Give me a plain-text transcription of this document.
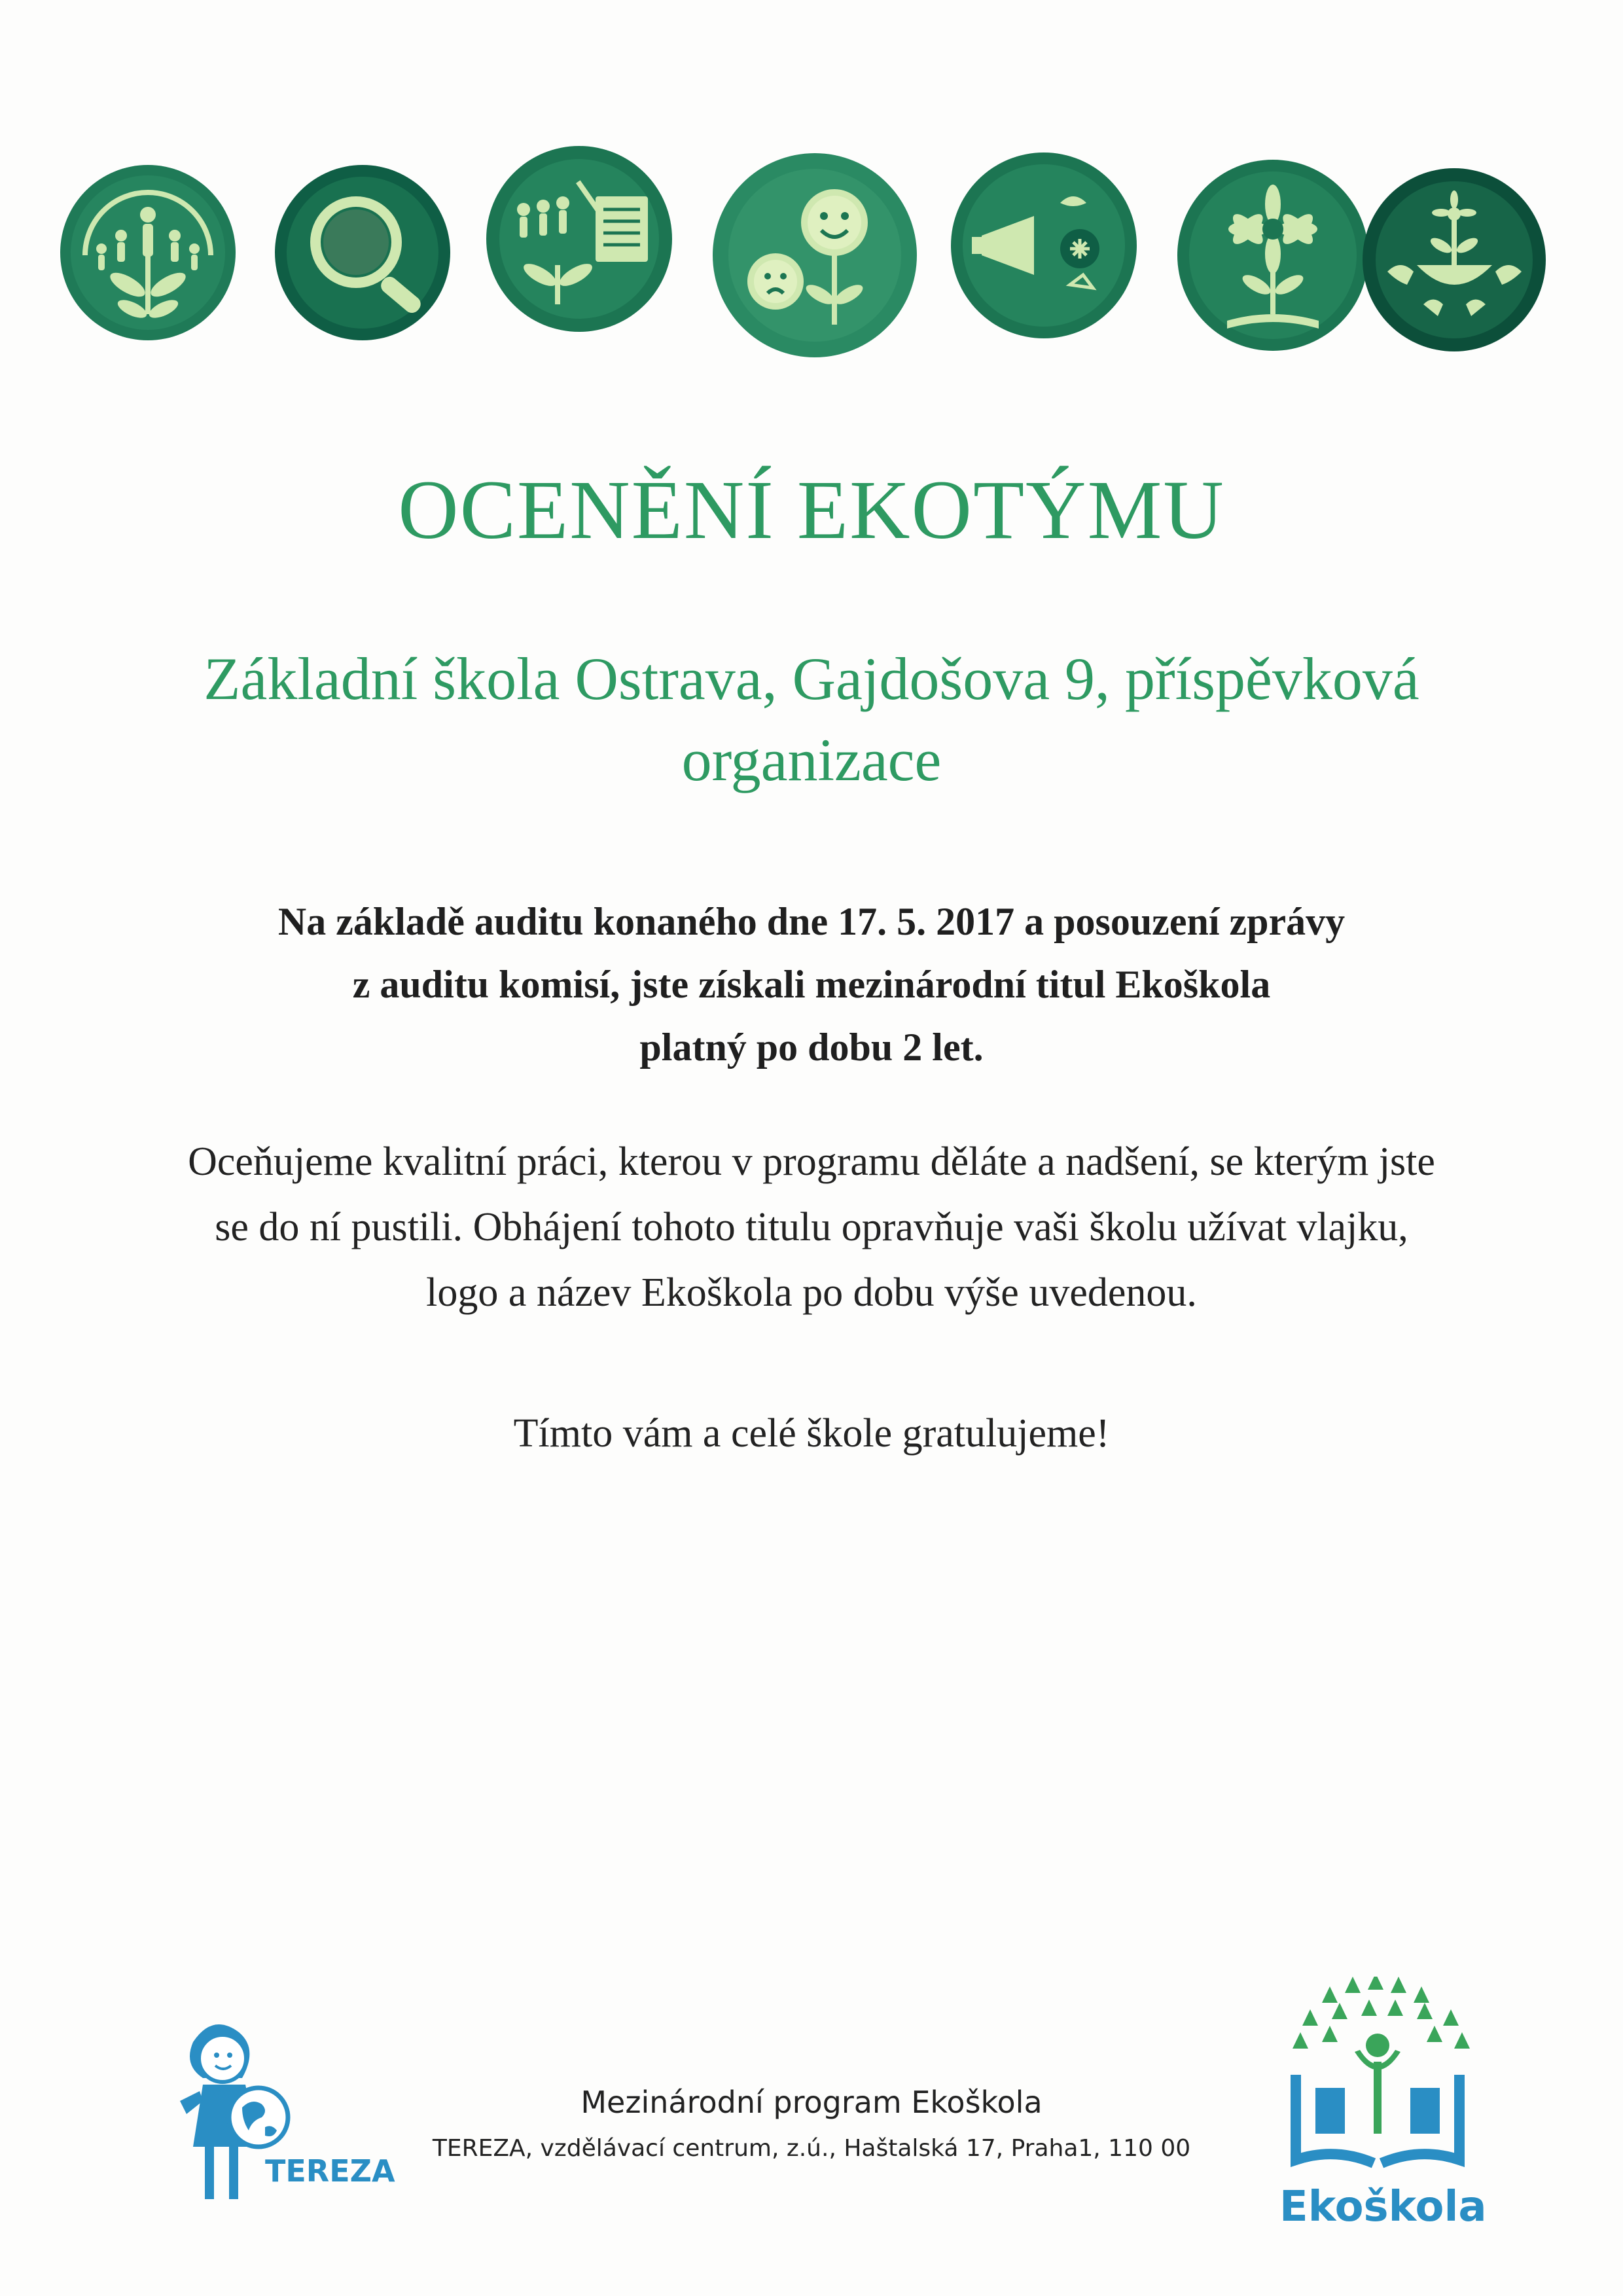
OCENĚNÍ EKOTÝMU
Základní škola Ostrava, Gajdošova 9, příspěvková
organizace
Na základě auditu konaného dne 17. 5. 2017 a posouzení zprávy
z auditu komisí, jste získali mezinárodní titul Ekoškola
platný po dobu 2 let.
Oceňujeme kvalitní práci, kterou v programu děláte a nadšení, se kterým jste
se do ní pustili. Obhájení tohoto titulu opravňuje vaši školu užívat vlajku,
logo a název Ekoškola po dobu výše uvedenou.
Tímto vám a celé škole gratulujeme!
TEREZA
Mezinárodní program Ekoškola
TEREZA, vzdělávací centrum, z.ú., Haštalská 17, Praha1, 110 00
Ekoškola
